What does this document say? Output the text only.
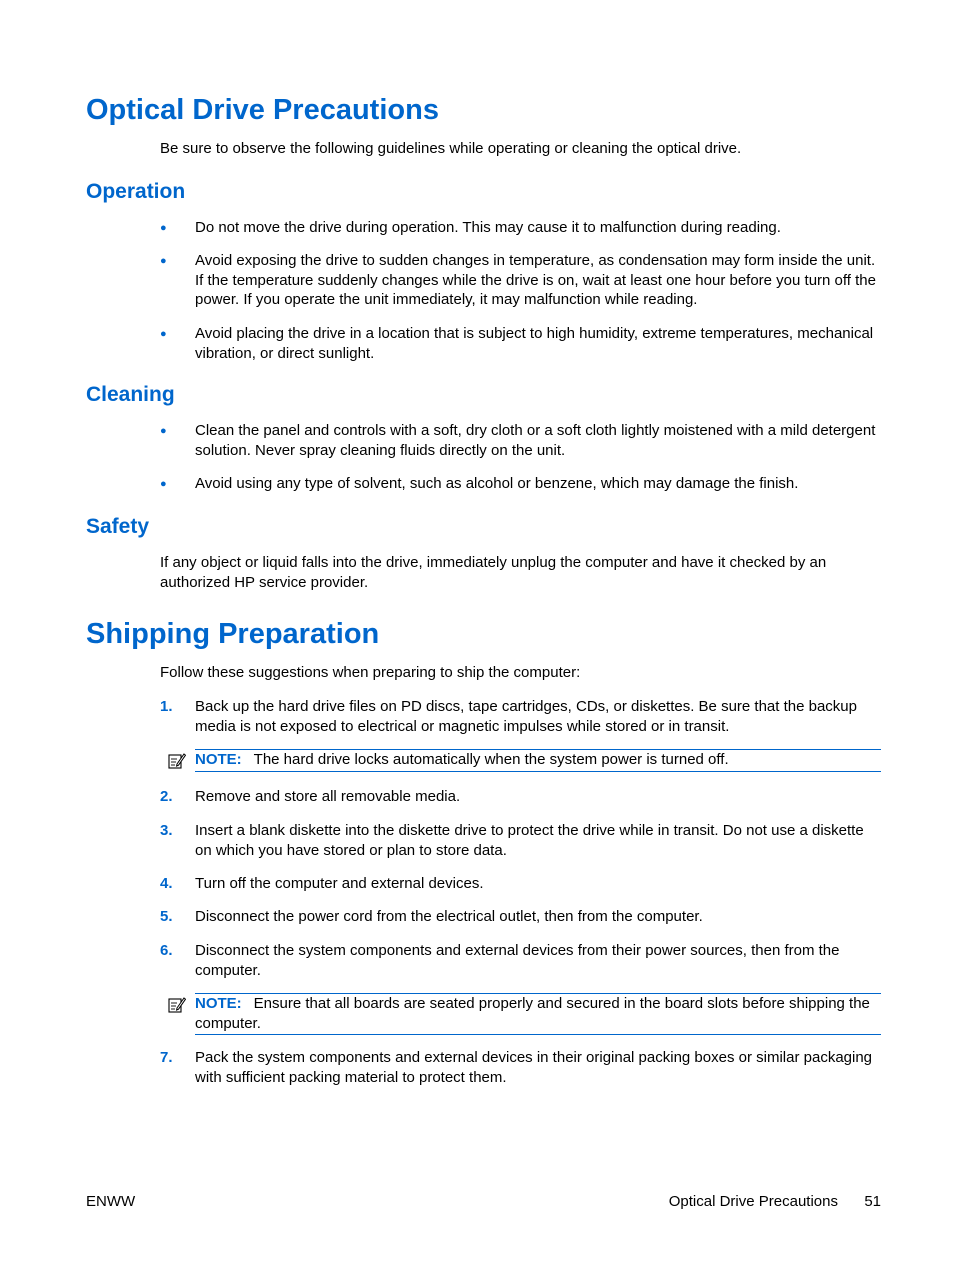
Optical Drive Precautions

Be sure to observe the following guidelines while operating or cleaning the optical drive.

Operation
●	Do not move the drive during operation. This may cause it to malfunction during reading.
●	Avoid exposing the drive to sudden changes in temperature, as condensation may form inside the unit. If the temperature suddenly changes while the drive is on, wait at least one hour before you turn off the power. If you operate the unit immediately, it may malfunction while reading.
●	Avoid placing the drive in a location that is subject to high humidity, extreme temperatures, mechanical vibration, or direct sunlight.
Cleaning
●	Clean the panel and controls with a soft, dry cloth or a soft cloth lightly moistened with a mild detergent solution. Never spray cleaning fluids directly on the unit.
●	Avoid using any type of solvent, such as alcohol or benzene, which may damage the finish.
Safety

If any object or liquid falls into the drive, immediately unplug the computer and have it checked by an authorized HP service provider.

Shipping Preparation

Follow these suggestions when preparing to ship the computer:

1.	Back up the hard drive files on PD discs, tape cartridges, CDs, or diskettes. Be sure that the backup media is not exposed to electrical or magnetic impulses while stored or in transit.
NOTE: The hard drive locks automatically when the system power is turned off.
2.	Remove and store all removable media.
3.	Insert a blank diskette into the diskette drive to protect the drive while in transit. Do not use a diskette on which you have stored or plan to store data.
4.	Turn off the computer and external devices.
5.	Disconnect the power cord from the electrical outlet, then from the computer.
6.	Disconnect the system components and external devices from their power sources, then from the computer.
NOTE: Ensure that all boards are seated properly and secured in the board slots before shipping the computer.
7.	Pack the system components and external devices in their original packing boxes or similar packaging with sufficient packing material to protect them.
ENWW	Optical Drive Precautions 51
